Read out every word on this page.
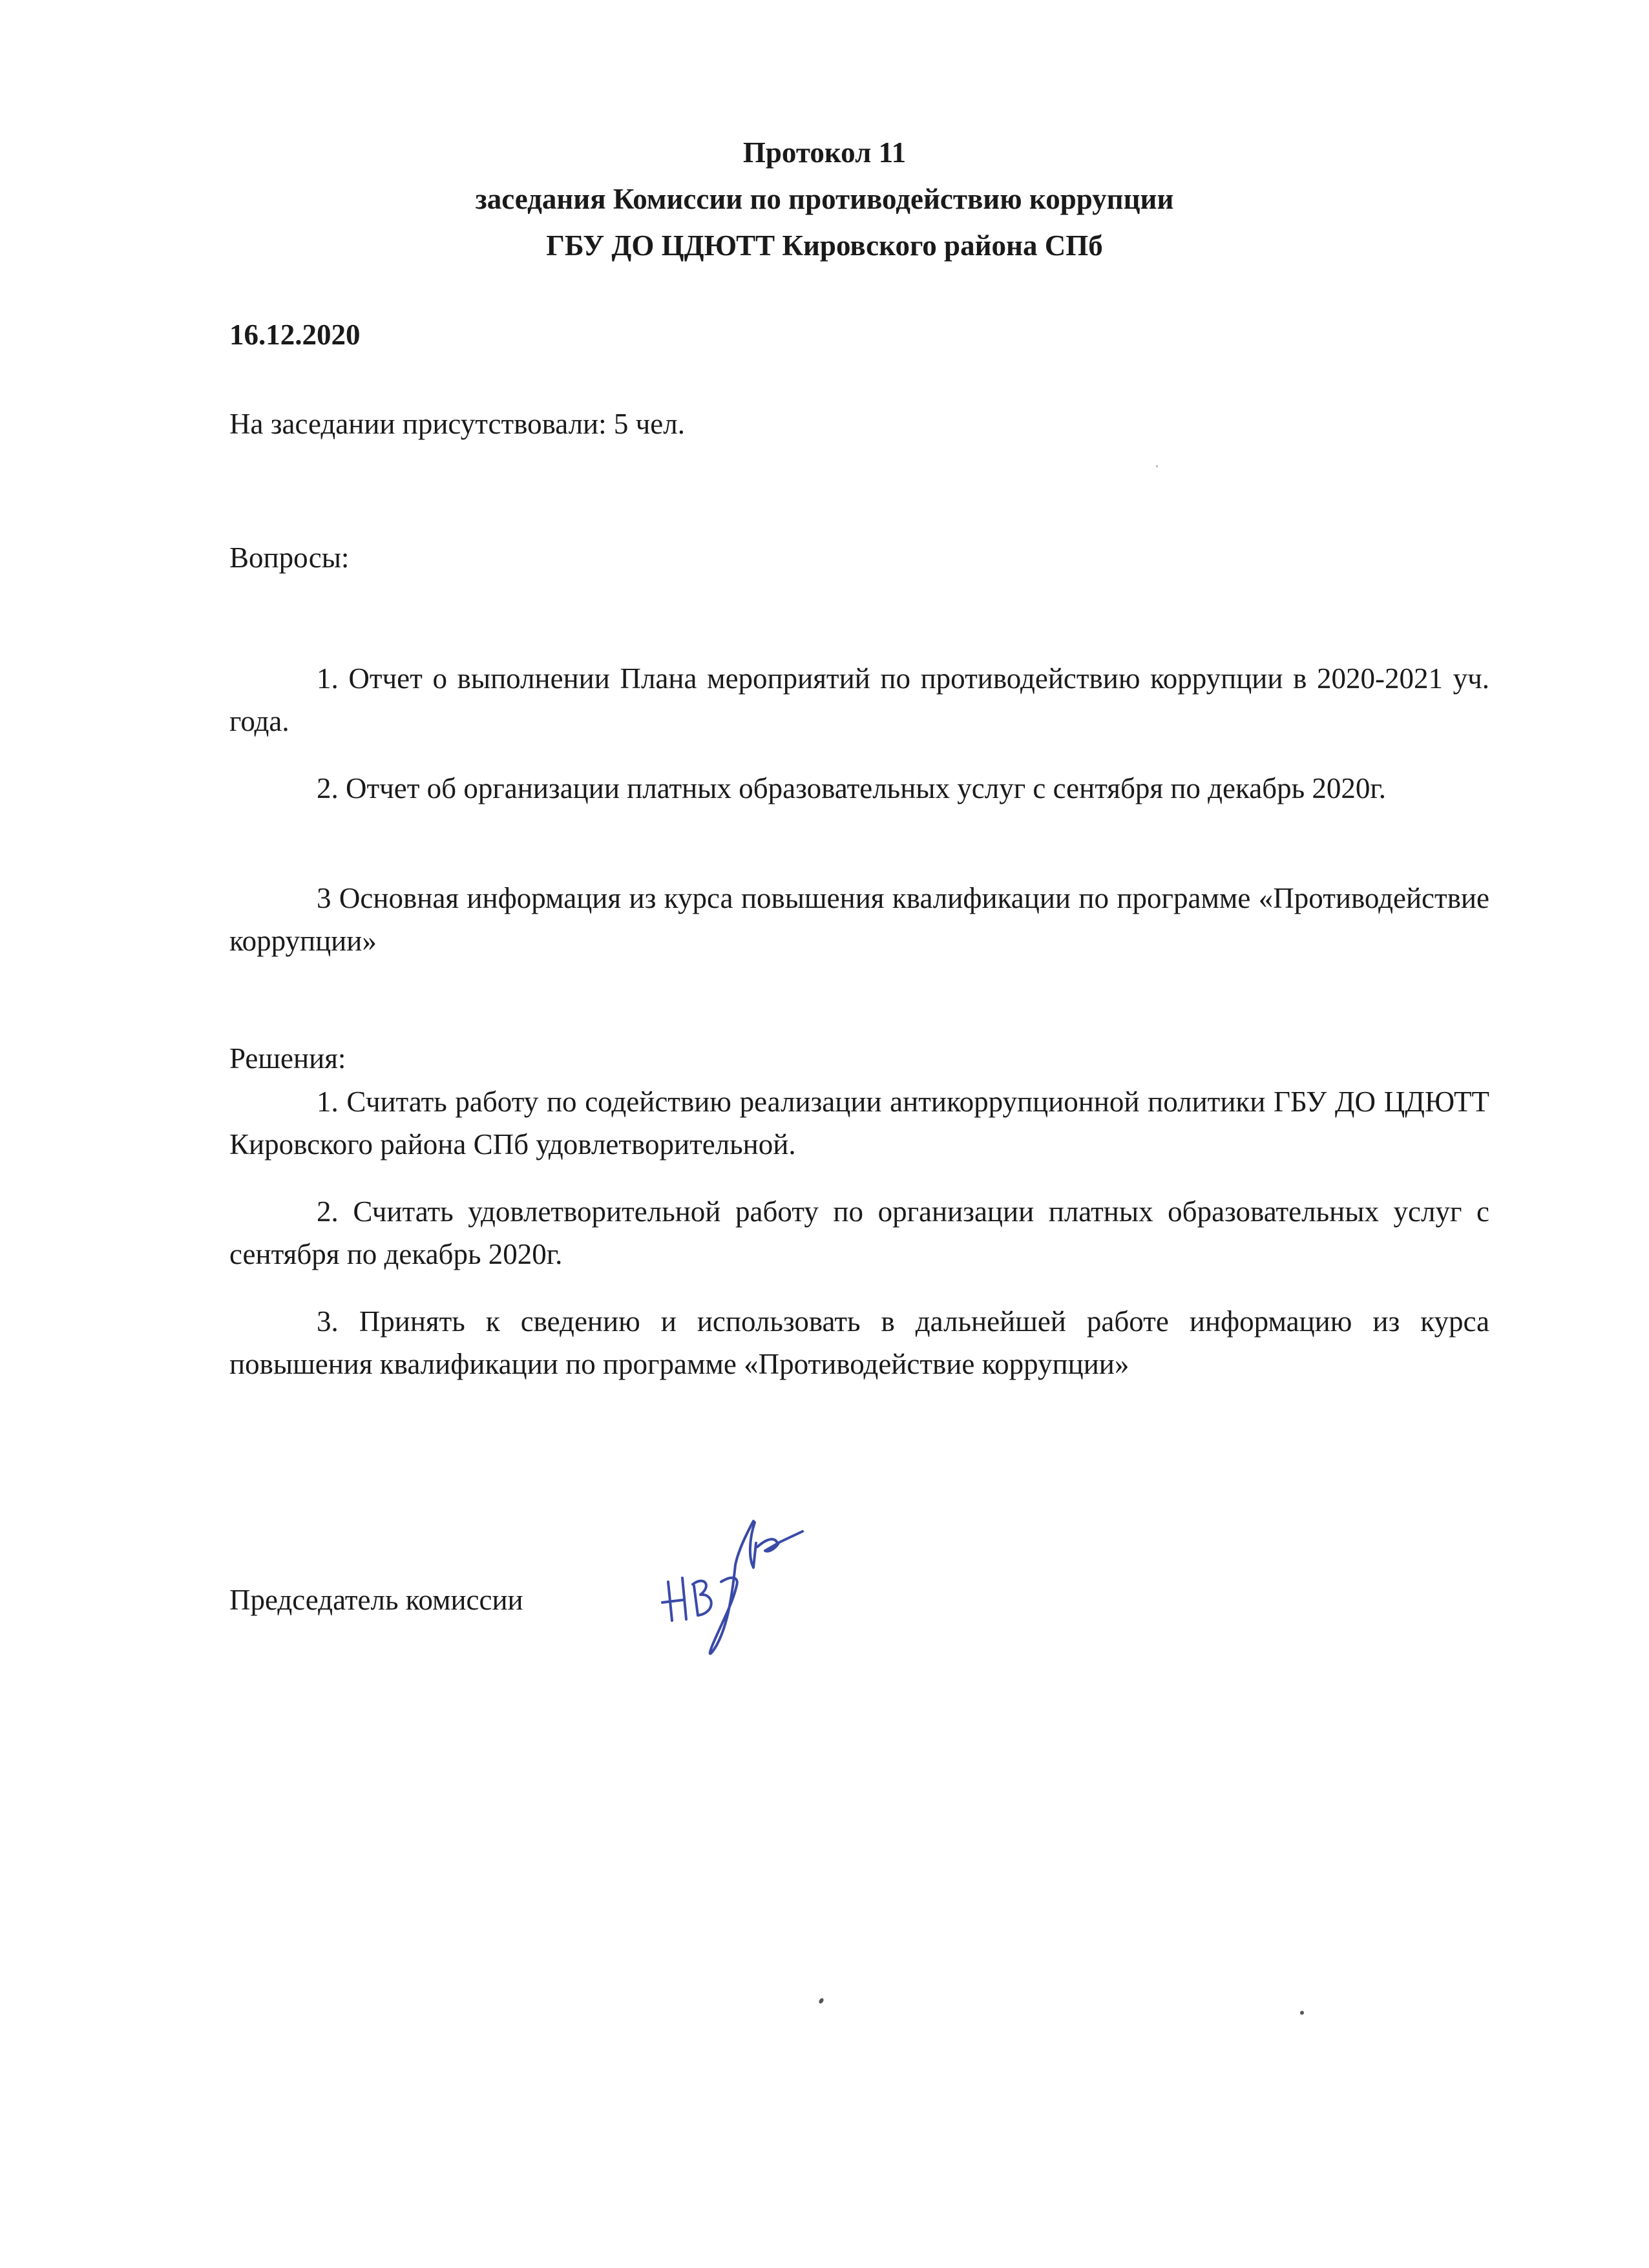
Протокол 11
заседания Комиссии по противодействию коррупции
ГБУ ДО ЦДЮТТ Кировского района СПб
16.12.2020
На заседании присутствовали: 5 чел.
Вопросы:
1. Отчет о выполнении Плана мероприятий по противодействию коррупции в 2020-2021 уч. года.
2. Отчет об организации платных образовательных услуг с сентября по декабрь 2020г.
3 Основная информация из курса повышения квалификации по программе «Противодействие коррупции»
Решения:
1. Считать работу по содействию реализации антикоррупционной политики ГБУ ДО ЦДЮТТ Кировского района СПб удовлетворительной.
2. Считать удовлетворительной работу по организации платных образовательных услуг с сентября по декабрь 2020г.
3. Принять к сведению и использовать в дальнейшей работе информацию из курса повышения квалификации по программе «Противодействие коррупции»
Председатель комиссии
